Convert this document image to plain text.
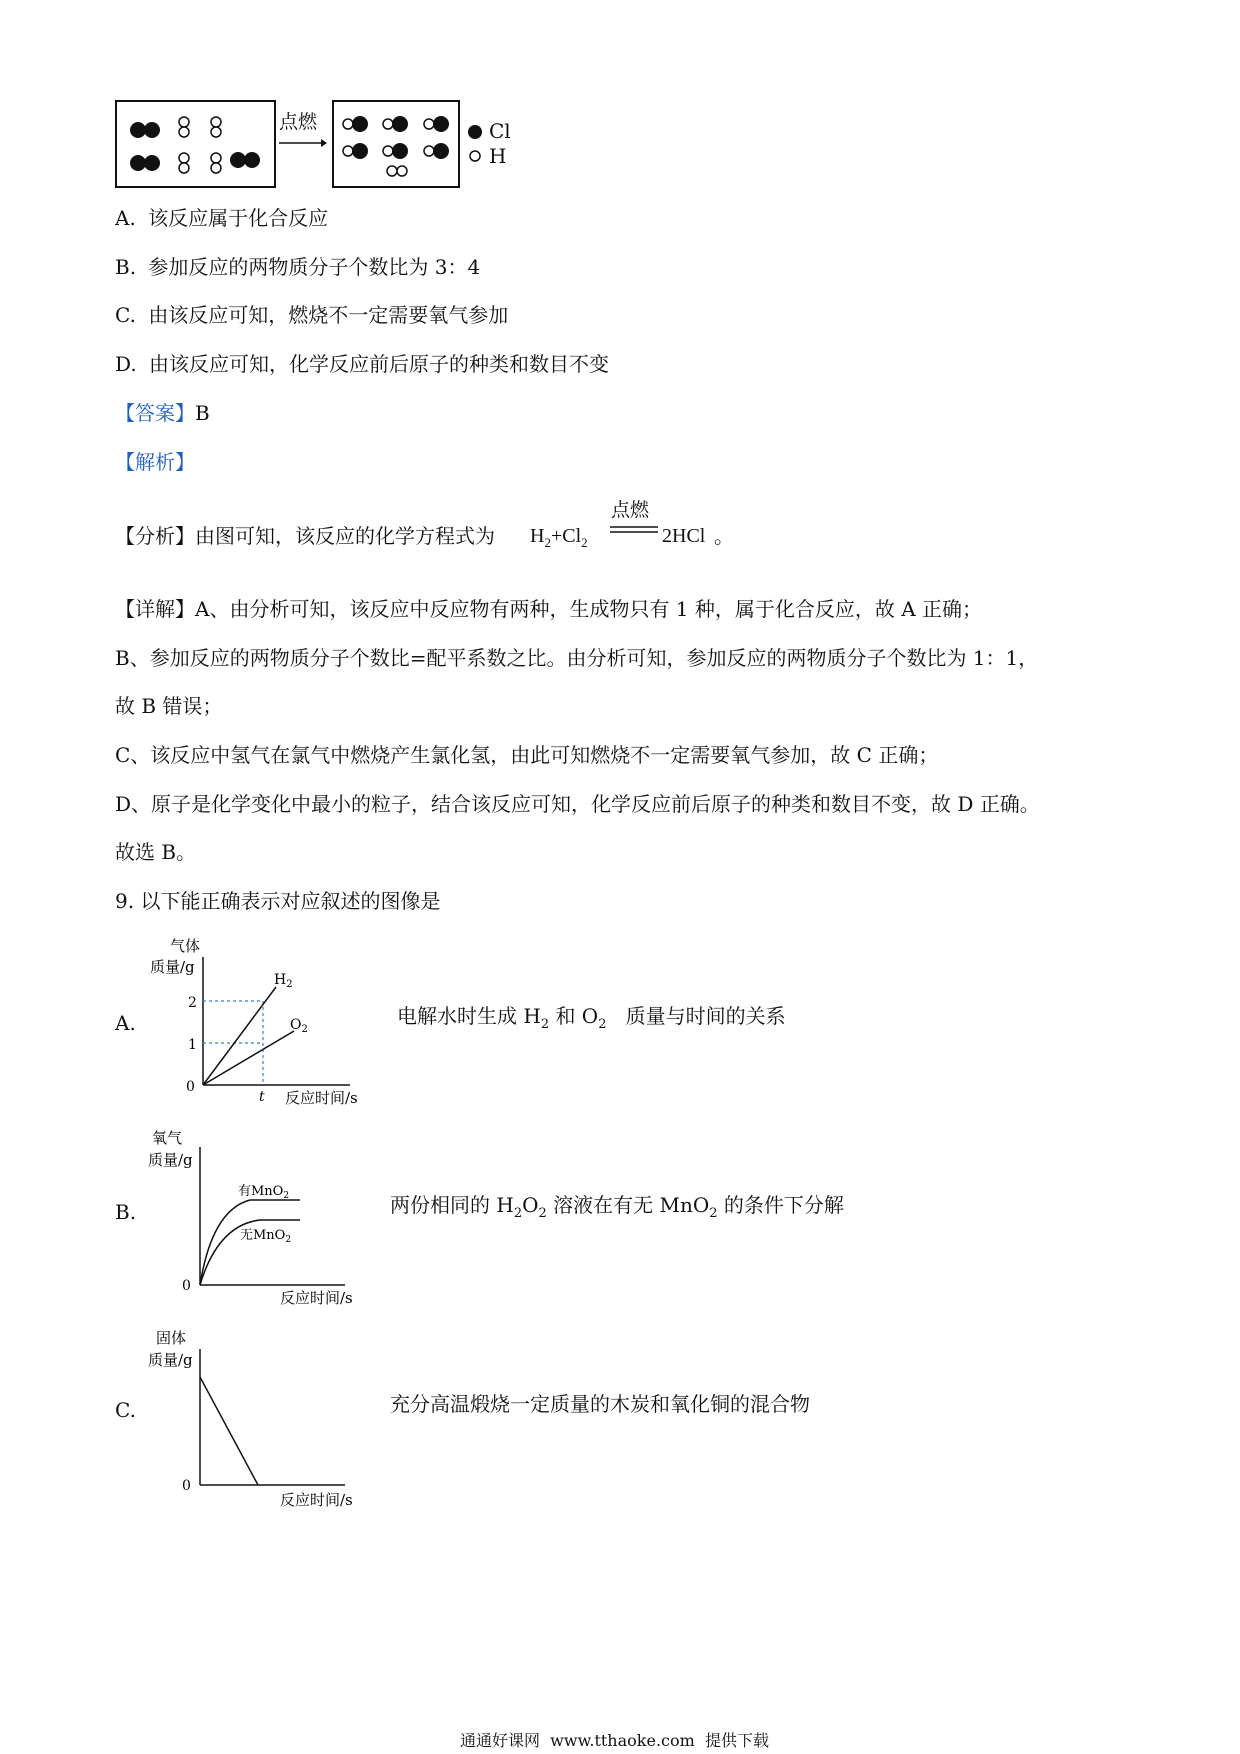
点燃	Cl
H
A. 该反应属于化合反应
B. 参加反应的两物质分子个数比为 3：4
C. 由该反应可知，燃烧不一定需要氧气参加
D. 由该反应可知，化学反应前后原子的种类和数目不变
【答案】B
【解析】
【分析】由图可知，该反应的化学方程式为 $H_2+Cl_2$
点燃
2HCl 。
【详解】A、由分析可知，该反应中反应物有两种，生成物只有 1 种，属于化合反应，故 A 正确；
B、参加反应的两物质分子个数比=配平系数之比。由分析可知，参加反应的两物质分子个数比为 1：1，
故 B 错误；
C、该反应中氢气在氯气中燃烧产生氯化氢，由此可知燃烧不一定需要氧气参加，故 C 正确；
D、原子是化学变化中最小的粒子，结合该反应可知，化学反应前后原子的种类和数目不变，故 D 正确。
故选 B。
9. 以下能正确表示对应叙述的图像是
A.
气体
质量/g
$H_2$
$O_2$
2
1
0
t 反应时间/s
电解水时生成 $H_2$ 和 $O_2$   质量与时间的关系
B.
氧气
质量/g
有MnO$_2$
无MnO$_2$
0
反应时间/s
两份相同的 $H_2O_2$ 溶液在有无 MnO$_2$ 的条件下分解
C.
固体
质量/g
0
反应时间/s
充分高温煅烧一定质量的木炭和氧化铜的混合物
通通好课网  www.tthaoke.com  提供下载
